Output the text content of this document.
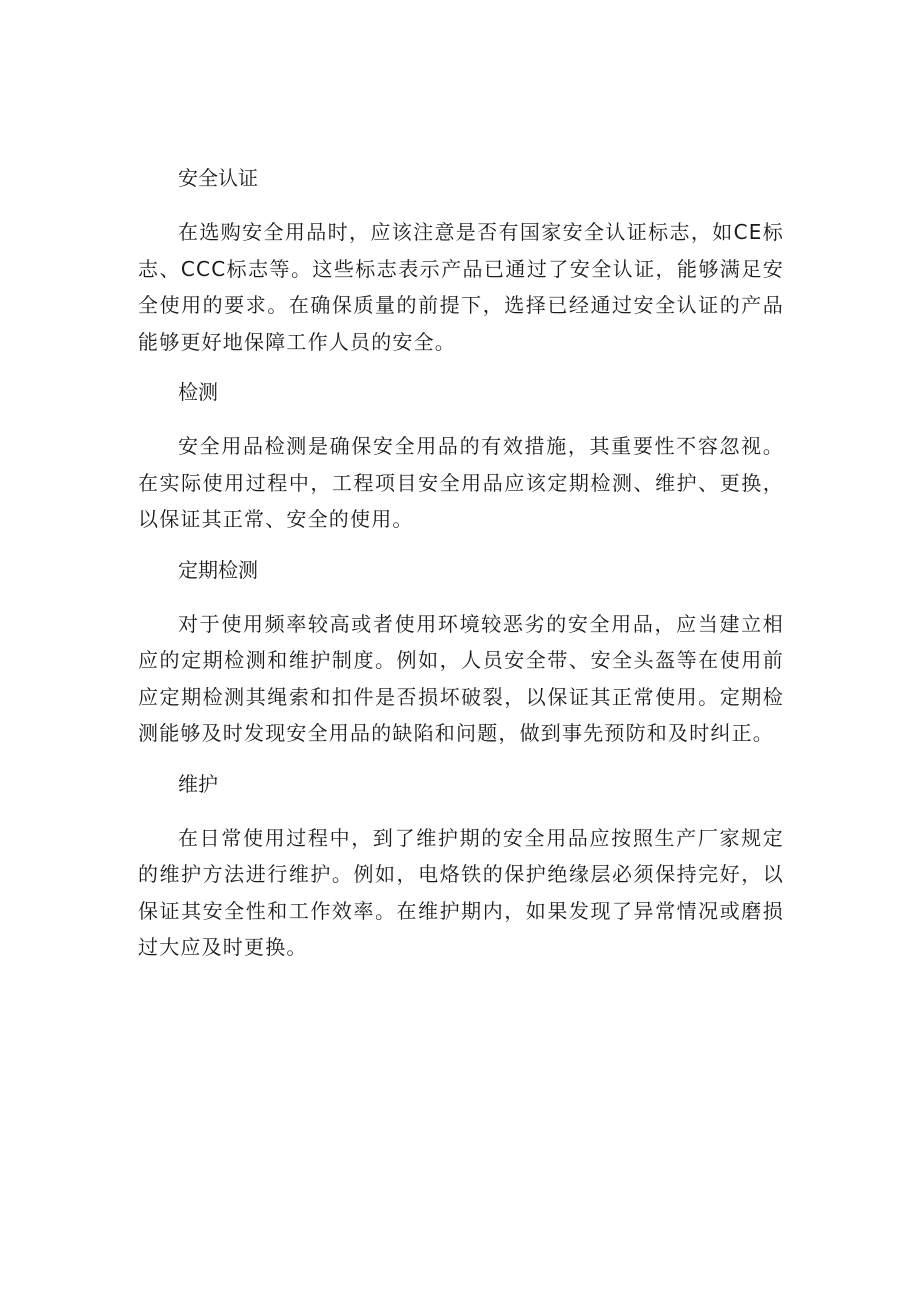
安全认证

在选购安全用品时，应该注意是否有国家安全认证标志，如CE标志、CCC标志等。这些标志表示产品已通过了安全认证，能够满足安全使用的要求。在确保质量的前提下，选择已经通过安全认证的产品能够更好地保障工作人员的安全。

检测

安全用品检测是确保安全用品的有效措施，其重要性不容忽视。在实际使用过程中，工程项目安全用品应该定期检测、维护、更换，以保证其正常、安全的使用。

定期检测

对于使用频率较高或者使用环境较恶劣的安全用品，应当建立相应的定期检测和维护制度。例如，人员安全带、安全头盔等在使用前应定期检测其绳索和扣件是否损坏破裂，以保证其正常使用。定期检测能够及时发现安全用品的缺陷和问题，做到事先预防和及时纠正。

维护

在日常使用过程中，到了维护期的安全用品应按照生产厂家规定的维护方法进行维护。例如，电烙铁的保护绝缘层必须保持完好，以保证其安全性和工作效率。在维护期内，如果发现了异常情况或磨损过大应及时更换。
